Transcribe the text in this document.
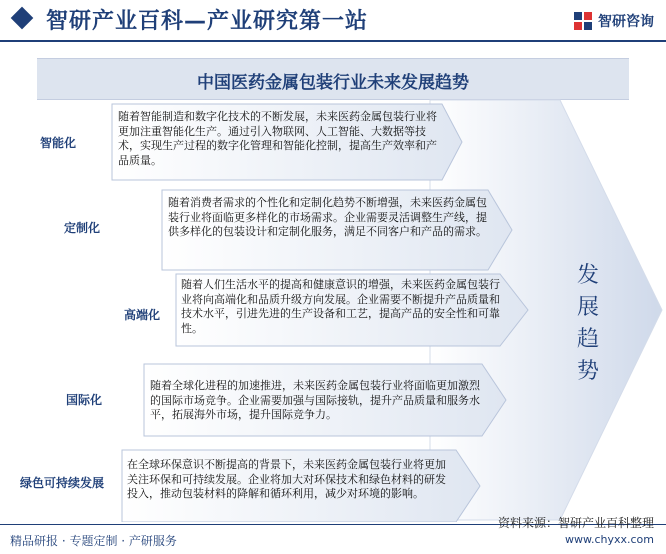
智研产业百科—产业研究第一站	智研咨询
中国医药金属包装行业未来发展趋势
智能化
随着智能制造和数字化技术的不断发展，未来医药金属包装行业将更加注重智能化生产。通过引入物联网、人工智能、大数据等技术，实现生产过程的数字化管理和智能化控制，提高生产效率和产品质量。
定制化
随着消费者需求的个性化和定制化趋势不断增强，未来医药金属包装行业将面临更多样化的市场需求。企业需要灵活调整生产线，提供多样化的包装设计和定制化服务，满足不同客户和产品的需求。
高端化
随着人们生活水平的提高和健康意识的增强，未来医药金属包装行业将向高端化和品质升级方向发展。企业需要不断提升产品质量和技术水平，引进先进的生产设备和工艺，提高产品的安全性和可靠性。
国际化
随着全球化进程的加速推进，未来医药金属包装行业将面临更加激烈的国际市场竞争。企业需要加强与国际接轨，提升产品质量和服务水平，拓展海外市场，提升国际竞争力。
绿色可持续发展
在全球环保意识不断提高的背景下，未来医药金属包装行业将更加关注环保和可持续发展。企业将加大对环保技术和绿色材料的研发投入，推动包装材料的降解和循环利用，减少对环境的影响。
发展趋势
精品研报 · 专题定制 · 产研服务
资料来源：智研产业百科整理
www.chyxx.com
